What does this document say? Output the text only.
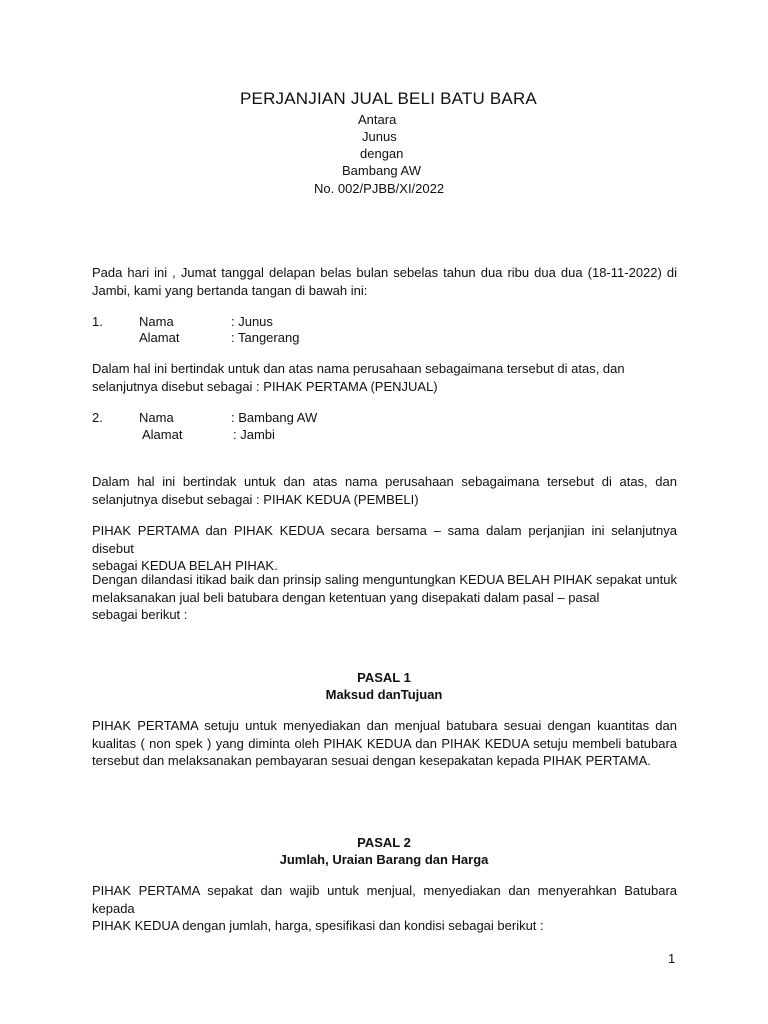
PERJANJIAN JUAL BELI BATU BARA
Antara
Junus
dengan
Bambang AW
No. 002/PJBB/XI/2022
Pada hari ini , Jumat tanggal delapan belas bulan sebelas tahun dua ribu dua dua (18-11-2022) di
Jambi, kami yang bertanda tangan di bawah ini:
1.	Nama	: Junus
Alamat	: Tangerang
Dalam hal ini bertindak untuk dan atas nama perusahaan sebagaimana tersebut di atas, dan
selanjutnya disebut sebagai : PIHAK PERTAMA (PENJUAL)
2.	Nama	: Bambang AW
Alamat	: Jambi
Dalam hal ini bertindak untuk dan atas nama perusahaan sebagaimana tersebut di atas, dan
selanjutnya disebut sebagai : PIHAK KEDUA (PEMBELI)
PIHAK PERTAMA dan PIHAK KEDUA secara bersama – sama dalam perjanjian ini selanjutnya disebut
sebagai KEDUA BELAH PIHAK.
Dengan dilandasi itikad baik dan prinsip saling menguntungkan KEDUA BELAH PIHAK sepakat untuk
melaksanakan jual beli batubara dengan ketentuan yang disepakati dalam pasal – pasal
sebagai berikut :
PASAL 1
Maksud danTujuan
PIHAK PERTAMA setuju untuk menyediakan dan menjual batubara sesuai dengan kuantitas dan
kualitas ( non spek ) yang diminta oleh PIHAK KEDUA dan PIHAK KEDUA setuju membeli batubara
tersebut dan melaksanakan pembayaran sesuai dengan kesepakatan kepada PIHAK PERTAMA.
PASAL 2
Jumlah, Uraian Barang dan Harga
PIHAK PERTAMA sepakat dan wajib untuk menjual, menyediakan dan menyerahkan Batubara kepada
PIHAK KEDUA dengan jumlah, harga, spesifikasi dan kondisi sebagai berikut :
1
